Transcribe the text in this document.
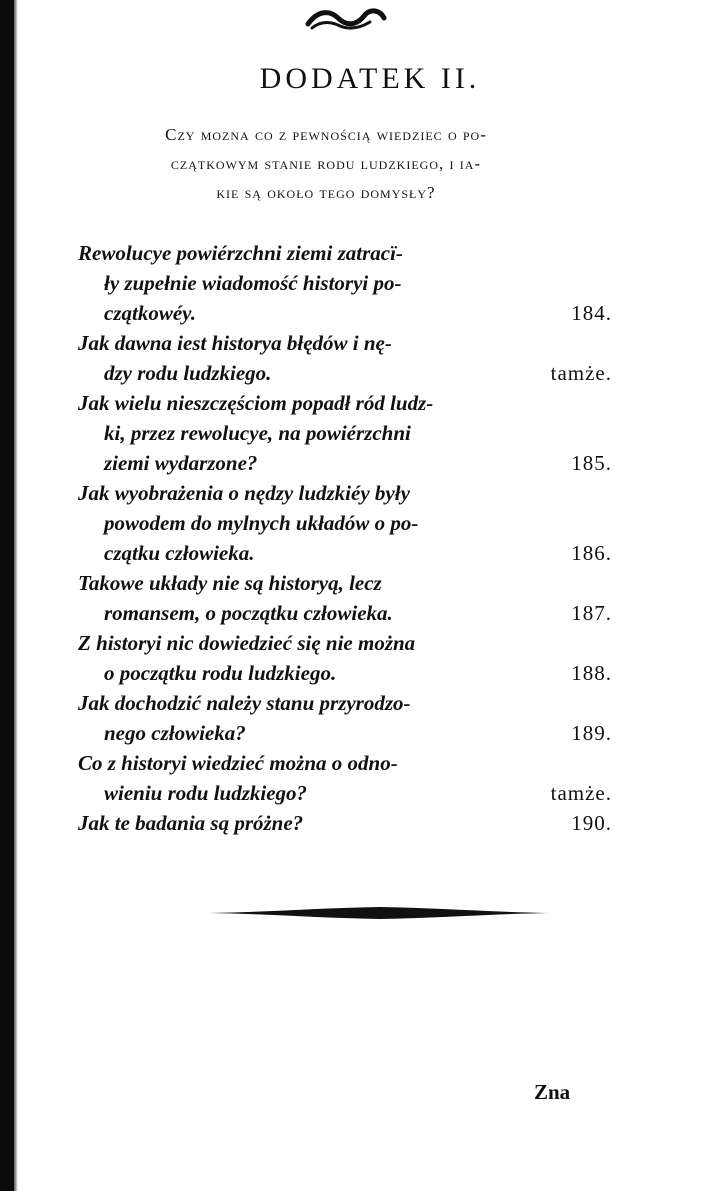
DODATEK II.
Czy mozna co z pewnością wiedziec o po-
czątkowym stanie rodu ludzkiego, i ia-
kie są około tego domysły?
Rewolucye powiérzchni ziemi zatracï-
ły zupełnie wiadomość historyi po-
czątkowéy.	184.
Jak dawna iest historya błędów i nę-
dzy rodu ludzkiego.	tamże.
Jak wielu nieszczęściom popadł ród ludz-
ki, przez rewolucye, na powiérzchni
ziemi wydarzone?	185.
Jak wyobrażenia o nędzy ludzkiéy były
powodem do mylnych układów o po-
czątku człowieka.	186.
Takowe układy nie są historyą, lecz
romansem, o początku człowieka.	187.
Z historyi nic dowiedzieć się nie można
o początku rodu ludzkiego.	188.
Jak dochodzić należy stanu przyrodzo-
nego człowieka?	189.
Co z historyi wiedzieć można o odno-
wieniu rodu ludzkiego?	tamże.
Jak te badania są próżne?	190.
Zna
